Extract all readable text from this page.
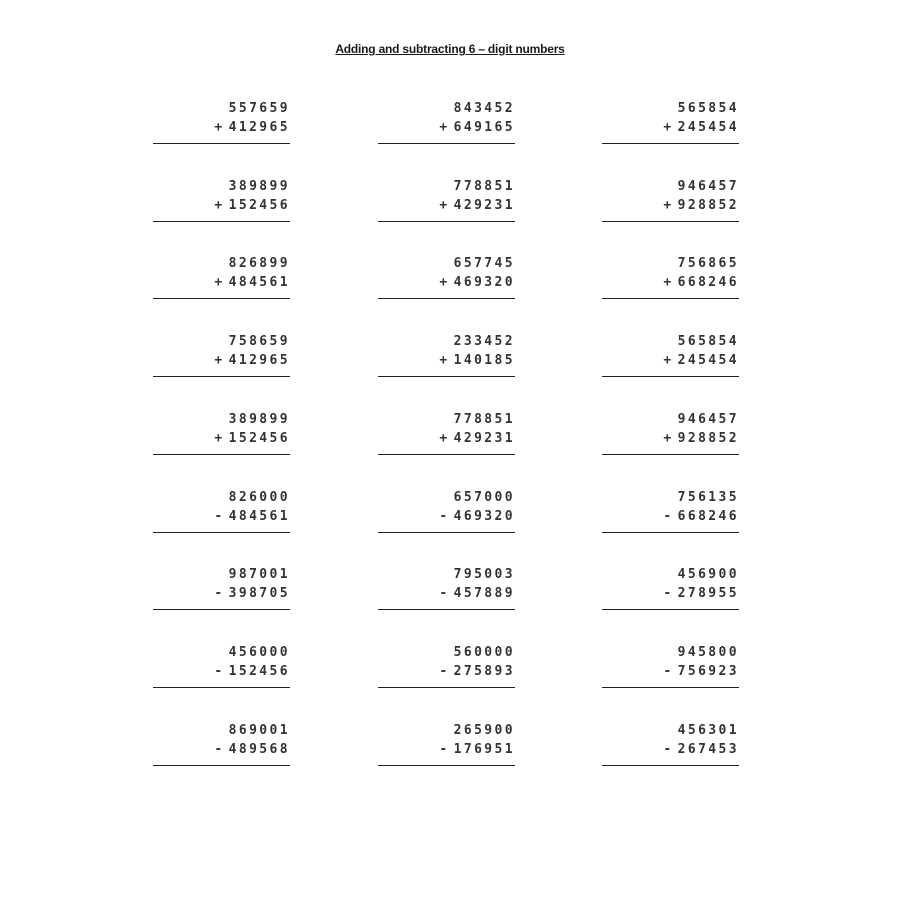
Adding and subtracting 6 – digit numbers
557659
+ 412965
843452
+ 649165
565854
+ 245454
389899
+ 152456
778851
+ 429231
946457
+ 928852
826899
+ 484561
657745
+ 469320
756865
+ 668246
758659
+ 412965
233452
+ 140185
565854
+ 245454
389899
+ 152456
778851
+ 429231
946457
+ 928852
826000
- 484561
657000
- 469320
756135
- 668246
987001
- 398705
795003
- 457889
456900
- 278955
456000
- 152456
560000
- 275893
945800
- 756923
869001
- 489568
265900
- 176951
456301
- 267453
